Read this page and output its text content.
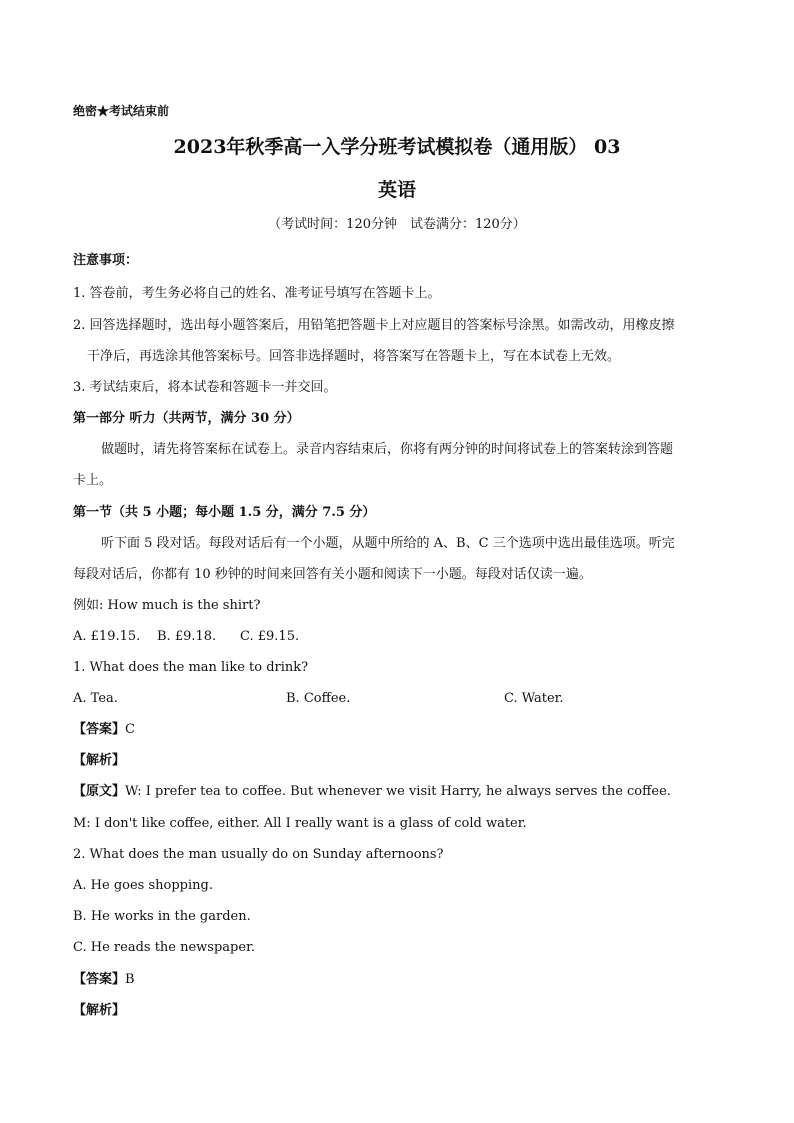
绝密★考试结束前
2023年秋季高一入学分班考试模拟卷（通用版） 03
英语
（考试时间：120分钟　试卷满分：120分）
注意事项：
1. 答卷前，考生务必将自己的姓名、准考证号填写在答题卡上。
2. 回答选择题时，选出每小题答案后，用铅笔把答题卡上对应题目的答案标号涂黑。如需改动，用橡皮擦
干净后，再选涂其他答案标号。回答非选择题时，将答案写在答题卡上，写在本试卷上无效。
3. 考试结束后，将本试卷和答题卡一并交回。
第一部分 听力（共两节，满分 30 分）
做题时，请先将答案标在试卷上。录音内容结束后，你将有两分钟的时间将试卷上的答案转涂到答题
卡上。
第一节（共 5 小题；每小题 1.5 分，满分 7.5 分）
听下面 5 段对话。每段对话后有一个小题，从题中所给的 A、B、C 三个选项中选出最佳选项。听完
每段对话后，你都有 10 秒钟的时间来回答有关小题和阅读下一小题。每段对话仅读一遍。
例如: How much is the shirt?
A. £19.15. B. £9.18. C. £9.15.
1. What does the man like to drink?
A. Tea.	B. Coffee.	C. Water.
【答案】C
【解析】
【原文】W: I prefer tea to coffee. But whenever we visit Harry, he always serves the coffee.
M: I don't like coffee, either. All I really want is a glass of cold water.
2. What does the man usually do on Sunday afternoons?
A. He goes shopping.
B. He works in the garden.
C. He reads the newspaper.
【答案】B
【解析】
